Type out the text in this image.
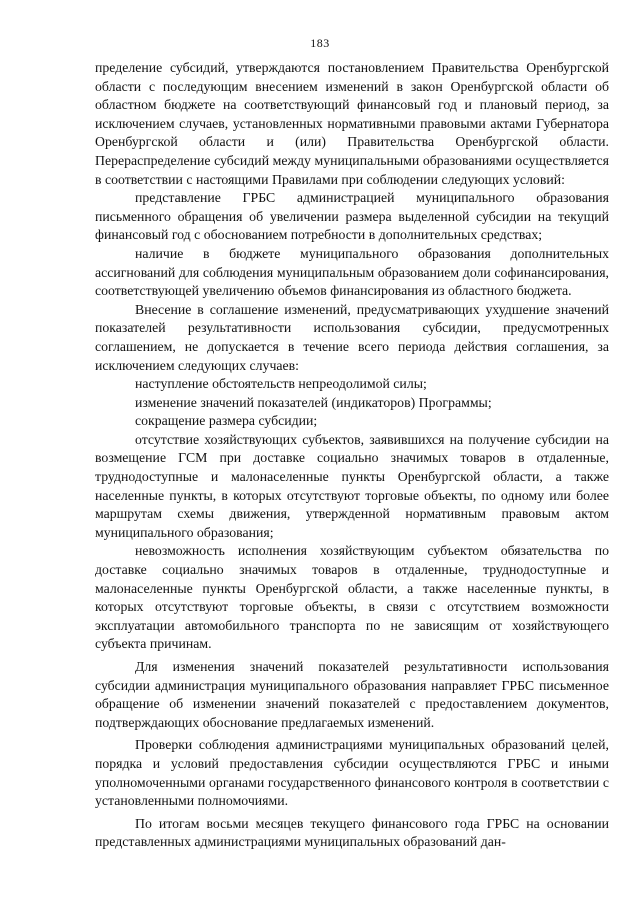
183

пределение субсидий, утверждаются постановлением Правительства Оренбургской области с последующим внесением изменений в закон Оренбургской области об областном бюджете на соответствующий финансовый год и плановый период, за исключением случаев, установленных нормативными правовыми актами Губернатора Оренбургской области и (или) Правительства Оренбургской области. Перераспределение субсидий между муниципальными образованиями осуществляется в соответствии с настоящими Правилами при соблюдении следующих условий:

представление ГРБС администрацией муниципального образования письменного обращения об увеличении размера выделенной субсидии на текущий финансовый год с обоснованием потребности в дополнительных средствах;

наличие в бюджете муниципального образования дополнительных ассигнований для соблюдения муниципальным образованием доли софинансирования, соответствующей увеличению объемов финансирования из областного бюджета.

Внесение в соглашение изменений, предусматривающих ухудшение значений показателей результативности использования субсидии, предусмотренных соглашением, не допускается в течение всего периода действия соглашения, за исключением следующих случаев:

наступление обстоятельств непреодолимой силы;

изменение значений показателей (индикаторов) Программы;

сокращение размера субсидии;

отсутствие хозяйствующих субъектов, заявившихся на получение субсидии на возмещение ГСМ при доставке социально значимых товаров в отдаленные, труднодоступные и малонаселенные пункты Оренбургской области, а также населенные пункты, в которых отсутствуют торговые объекты, по одному или более маршрутам схемы движения, утвержденной нормативным правовым актом муниципального образования;

невозможность исполнения хозяйствующим субъектом обязательства по доставке социально значимых товаров в отдаленные, труднодоступные и малонаселенные пункты Оренбургской области, а также населенные пункты, в которых отсутствуют торговые объекты, в связи с отсутствием возможности эксплуатации автомобильного транспорта по не зависящим от хозяйствующего субъекта причинам.

Для изменения значений показателей результативности использования субсидии администрация муниципального образования направляет ГРБС письменное обращение об изменении значений показателей с предоставлением документов, подтверждающих обоснование предлагаемых изменений.

Проверки соблюдения администрациями муниципальных образований целей, порядка и условий предоставления субсидии осуществляются ГРБС и иными уполномоченными органами государственного финансового контроля в соответствии с установленными полномочиями.

По итогам восьми месяцев текущего финансового года ГРБС на основании представленных администрациями муниципальных образований дан-
